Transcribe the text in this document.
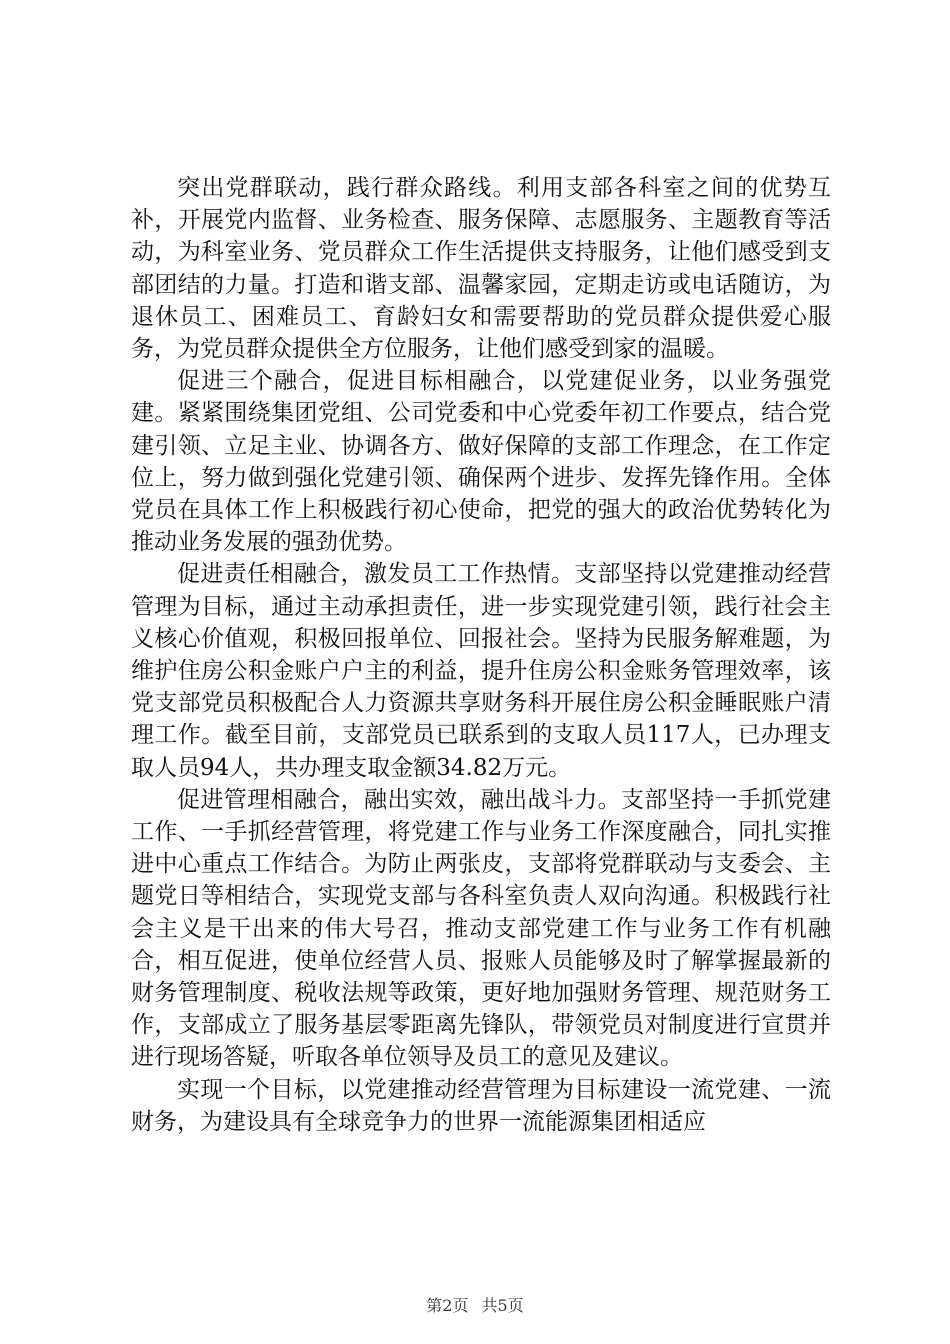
突出党群联动，践行群众路线。利用支部各科室之间的优势互补，开展党内监督、业务检查、服务保障、志愿服务、主题教育等活动，为科室业务、党员群众工作生活提供支持服务，让他们感受到支部团结的力量。打造和谐支部、温馨家园，定期走访或电话随访，为退休员工、困难员工、育龄妇女和需要帮助的党员群众提供爱心服务，为党员群众提供全方位服务，让他们感受到家的温暖。

促进三个融合，促进目标相融合，以党建促业务，以业务强党建。紧紧围绕集团党组、公司党委和中心党委年初工作要点，结合党建引领、立足主业、协调各方、做好保障的支部工作理念，在工作定位上，努力做到强化党建引领、确保两个进步、发挥先锋作用。全体党员在具体工作上积极践行初心使命，把党的强大的政治优势转化为推动业务发展的强劲优势。

促进责任相融合，激发员工工作热情。支部坚持以党建推动经营管理为目标，通过主动承担责任，进一步实现党建引领，践行社会主义核心价值观，积极回报单位、回报社会。坚持为民服务解难题，为维护住房公积金账户户主的利益，提升住房公积金账务管理效率，该党支部党员积极配合人力资源共享财务科开展住房公积金睡眠账户清理工作。截至目前，支部党员已联系到的支取人员117人，已办理支取人员94人，共办理支取金额34.82万元。

促进管理相融合，融出实效，融出战斗力。支部坚持一手抓党建工作、一手抓经营管理，将党建工作与业务工作深度融合，同扎实推进中心重点工作结合。为防止两张皮，支部将党群联动与支委会、主题党日等相结合，实现党支部与各科室负责人双向沟通。积极践行社会主义是干出来的伟大号召，推动支部党建工作与业务工作有机融合，相互促进，使单位经营人员、报账人员能够及时了解掌握最新的财务管理制度、税收法规等政策，更好地加强财务管理、规范财务工作，支部成立了服务基层零距离先锋队，带领党员对制度进行宣贯并进行现场答疑，听取各单位领导及员工的意见及建议。

实现一个目标，以党建推动经营管理为目标建设一流党建、一流财务，为建设具有全球竞争力的世界一流能源集团相适应

第2页 共5页
